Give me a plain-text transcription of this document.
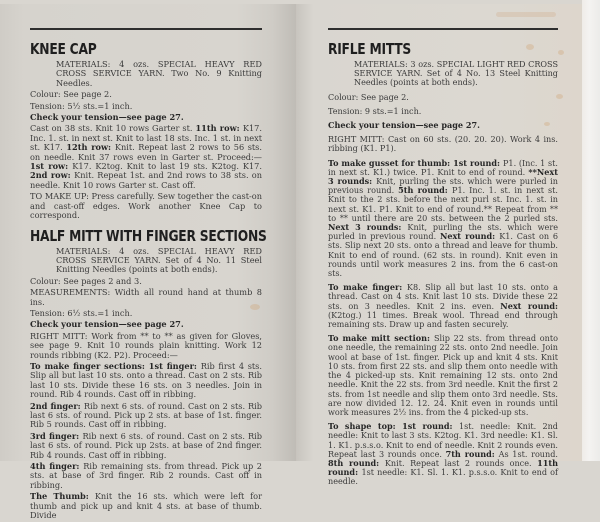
KNEE CAP

MATERIALS: 4 ozs. SPECIAL HEAVY RED CROSS SERVICE YARN. Two No. 9 Knitting Needles.

Colour: See page 2.

Tension: 5½ sts.=1 inch.

Check your tension—see page 27.

Cast on 38 sts. Knit 10 rows Garter st. 11th row: K17. Inc. 1. st. in next st. Knit to last 18 sts. Inc. 1 st. in next st. K17. 12th row: Knit. Repeat last 2 rows to 56 sts. on needle. Knit 37 rows even in Garter st. Proceed:—1st row: K17. K2tog. Knit to last 19 sts. K2tog. K17. 2nd row: Knit. Repeat 1st. and 2nd rows to 38 sts. on needle. Knit 10 rows Garter st. Cast off.

TO MAKE UP: Press carefully. Sew together the cast-on and cast-off edges. Work another Knee Cap to correspond.

HALF MITT WITH FINGER SECTIONS

MATERIALS: 4 ozs. SPECIAL HEAVY RED CROSS SERVICE YARN. Set of 4 No. 11 Steel Knitting Needles (points at both ends).

Colour: See pages 2 and 3.

MEASUREMENTS: Width all round hand at thumb 8 ins.

Tension: 6½ sts.=1 inch.

Check your tension—see page 27.

RIGHT MITT: Work from ** to ** as given for Gloves, see page 9. Knit 10 rounds plain knitting. Work 12 rounds ribbing (K2. P2). Proceed:—

To make finger sections: 1st finger: Rib first 4 sts. Slip all but last 10 sts. onto a thread. Cast on 2 sts. Rib last 10 sts. Divide these 16 sts. on 3 needles. Join in round. Rib 4 rounds. Cast off in ribbing.

2nd finger: Rib next 6 sts. of round. Cast on 2 sts. Rib last 6 sts. of round. Pick up 2 sts. at base of 1st. finger. Rib 5 rounds. Cast off in ribbing.

3rd finger: Rib next 6 sts. of round. Cast on 2 sts. Rib last 6 sts. of round. Pick up 2sts. at base of 2nd finger. Rib 4 rounds. Cast off in ribbing.

4th finger: Rib remaining sts. from thread. Pick up 2 sts. at base of 3rd finger. Rib 2 rounds. Cast off in ribbing.

The Thumb: Knit the 16 sts. which were left for thumb and pick up and knit 4 sts. at base of thumb. Divide

RIFLE MITTS

MATERIALS: 3 ozs. SPECIAL LIGHT RED CROSS SERVICE YARN. Set of 4 No. 13 Steel Knitting Needles (points at both ends).

Colour: See page 2.

Tension: 9 sts.=1 inch.

Check your tension—see page 27.

RIGHT MITT: Cast on 60 sts. (20. 20. 20). Work 4 ins. ribbing (K1. P1).

To make gusset for thumb: 1st round: P1. (Inc. 1 st. in next st. K1.) twice. P1. Knit to end of round. **Next 3 rounds: Knit, purling the sts. which were purled in previous round. 5th round: P1. Inc. 1. st. in next st. Knit to the 2 sts. before the next purl st. Inc. 1. st. in next st. K1. P1. Knit to end of round.** Repeat from ** to ** until there are 20 sts. between the 2 purled sts. Next 3 rounds: Knit, purling the sts. which were purled in previous round. Next round: K1. Cast on 6 sts. Slip next 20 sts. onto a thread and leave for thumb. Knit to end of round. (62 sts. in round). Knit even in rounds until work measures 2 ins. from the 6 cast-on sts.

To make finger: K8. Slip all but last 10 sts. onto a thread. Cast on 4 sts. Knit last 10 sts. Divide these 22 sts. on 3 needles. Knit 2 ins. even. Next round: (K2tog.) 11 times. Break wool. Thread end through remaining sts. Draw up and fasten securely.

To make mitt section: Slip 22 sts. from thread onto one needle, the remaining 22 sts. onto 2nd needle. Join wool at base of 1st. finger. Pick up and knit 4 sts. Knit 10 sts. from first 22 sts. and slip them onto needle with the 4 picked-up sts. Knit remaining 12 sts. onto 2nd needle. Knit the 22 sts. from 3rd needle. Knit the first 2 sts. from 1st needle and slip them onto 3rd needle. Sts. are now divided 12. 12. 24. Knit even in rounds until work measures 2½ ins. from the 4 picked-up sts.

To shape top: 1st round: 1st. needle: Knit. 2nd needle: Knit to last 3 sts. K2tog. K1. 3rd needle: K1. Sl. 1. K1. p.s.s.o. Knit to end of needle. Knit 2 rounds even. Repeat last 3 rounds once. 7th round: As 1st. round. 8th round: Knit. Repeat last 2 rounds once. 11th round: 1st needle: K1. Sl. 1. K1. p.s.s.o. Knit to end of needle.
